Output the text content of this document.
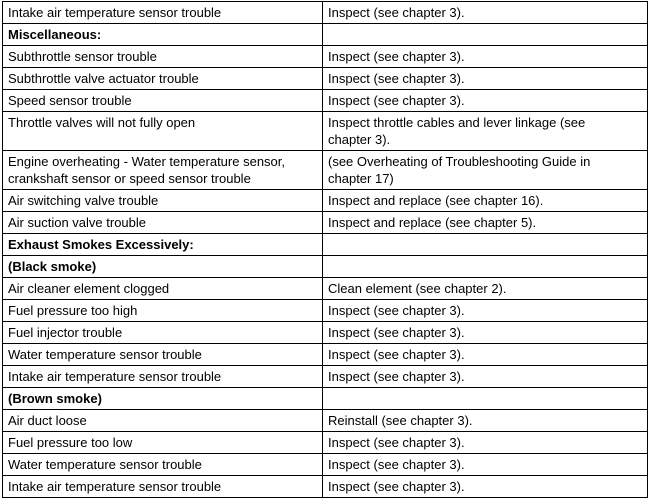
Intake air temperature sensor trouble	Inspect (see chapter 3).
Miscellaneous:	
Subthrottle sensor trouble	Inspect (see chapter 3).
Subthrottle valve actuator trouble	Inspect (see chapter 3).
Speed sensor trouble	Inspect (see chapter 3).

Throttle valves will not fully open	Inspect throttle cables and lever linkage (see
chapter 3).

Engine overheating - Water temperature sensor,
crankshaft sensor or speed sensor trouble	(see Overheating of Troubleshooting Guide in
chapter 17)

Air switching valve trouble	Inspect and replace (see chapter 16).
Air suction valve trouble	Inspect and replace (see chapter 5).
Exhaust Smokes Excessively:	
(Black smoke)	
Air cleaner element clogged	Clean element (see chapter 2).
Fuel pressure too high	Inspect (see chapter 3).
Fuel injector trouble	Inspect (see chapter 3).
Water temperature sensor trouble	Inspect (see chapter 3).
Intake air temperature sensor trouble	Inspect (see chapter 3).
(Brown smoke)	
Air duct loose	Reinstall (see chapter 3).
Fuel pressure too low	Inspect (see chapter 3).
Water temperature sensor trouble	Inspect (see chapter 3).
Intake air temperature sensor trouble	Inspect (see chapter 3).
